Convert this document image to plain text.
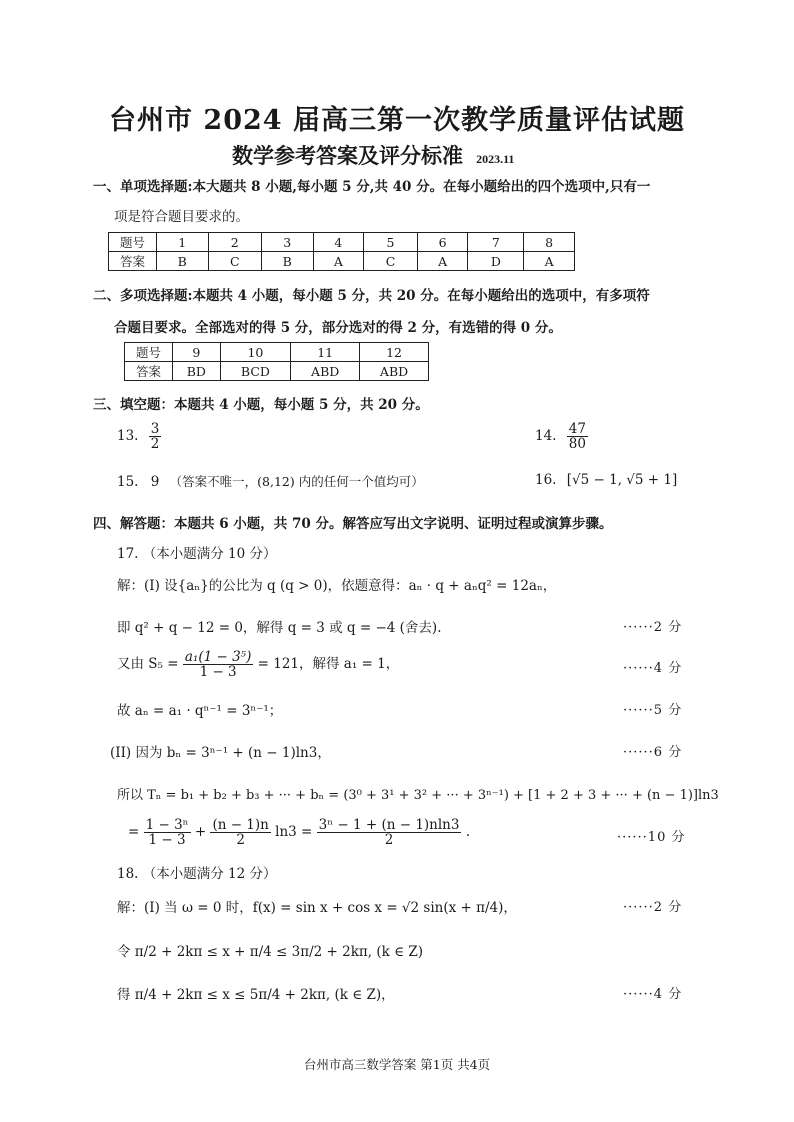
台州市 2024 届高三第一次教学质量评估试题
数学参考答案及评分标准 2023.11
一、单项选择题:本大题共 8 小题,每小题 5 分,共 40 分。在每小题给出的四个选项中,只有一
项是符合题目要求的。
题号	1	2	3	4	5	6	7	8
答案	B	C	B	A	C	A	D	A
二、多项选择题:本题共 4 小题，每小题 5 分，共 20 分。在每小题给出的选项中，有多项符
合题目要求。全部选对的得 5 分，部分选对的得 2 分，有选错的得 0 分。
题号	9	10	11	12
答案	BD	BCD	ABD	ABD
三、填空题：本题共 4 小题，每小题 5 分，共 20 分。
13. $\frac{3}{2}$	14. $\frac{47}{80}$
15. 9 （答案不唯一，(8,12) 内的任何一个值均可）	16. [√5 − 1, √5 + 1]
四、解答题：本题共 6 小题，共 70 分。解答应写出文字说明、证明过程或演算步骤。
17. （本小题满分 10 分）
解：(I) 设{aₙ}的公比为 q (q > 0)，依题意得：aₙ · q + aₙq² = 12aₙ，
即 q² + q − 12 = 0，解得 q = 3 或 q = −4 (舍去).	······2 分
又由 $S_5 = \frac{\text{a₁(1 − 3⁵)}}{1 - 3} = 121$，解得 a₁ = 1，	······4 分
故 aₙ = a₁ · qⁿ⁻¹ = 3ⁿ⁻¹；	······5 分
(II) 因为 bₙ = 3ⁿ⁻¹ + (n − 1)ln3，	······6 分
所以 Tₙ = b₁ + b₂ + b₃ + ··· + bₙ = (3⁰ + 3¹ + 3² + ··· + 3ⁿ⁻¹) + [1 + 2 + 3 + ··· + (n − 1)]ln3
= $\frac{\text{1 − 3ⁿ}}{1 - 3} + \frac{(n - 1)n}{2} \ln 3 = \frac{\text{3ⁿ − 1 + (n − 1)nln3}}{2}$ .	······10 分
18. （本小题满分 12 分）
解：(I) 当 ω = 0 时，f(x) = sin x + cos x = √2 sin(x + π/4)，	······2 分
令 π/2 + 2kπ ≤ x + π/4 ≤ 3π/2 + 2kπ, (k ∈ Z)
得 π/4 + 2kπ ≤ x ≤ 5π/4 + 2kπ, (k ∈ Z)，	······4 分
台州市高三数学答案 第1页 共4页
